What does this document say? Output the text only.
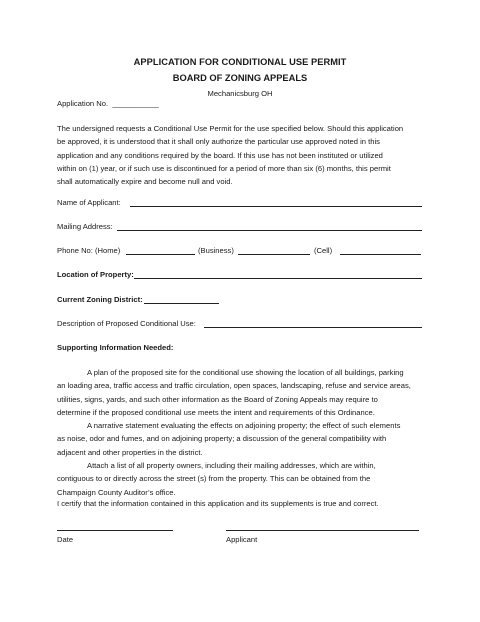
APPLICATION FOR CONDITIONAL USE PERMIT
BOARD OF ZONING APPEALS
Mechanicsburg OH
Application No. ___________
The undersigned requests a Conditional Use Permit for the use specified below. Should this application
be approved, it is understood that it shall only authorize the particular use approved noted in this
application and any conditions required by the board. If this use has not been instituted or utilized
within on (1) year, or if such use is discontinued for a period of more than six (6) months, this permit
shall automatically expire and become null and void.
Name of Applicant:
Mailing Address:
Phone No: (Home)	(Business)	(Cell)
Location of Property:
Current Zoning District:
Description of Proposed Conditional Use:
Supporting Information Needed:
A plan of the proposed site for the conditional use showing the location of all buildings, parking
an loading area, traffic access and traffic circulation, open spaces, landscaping, refuse and service areas,
utilities, signs, yards, and such other information as the Board of Zoning Appeals may require to
determine if the proposed conditional use meets the intent and requirements of this Ordinance.
A narrative statement evaluating the effects on adjoining property; the effect of such elements
as noise, odor and fumes, and on adjoining property; a discussion of the general compatibility with
adjacent and other properties in the district.
Attach a list of all property owners, including their mailing addresses, which are within,
contiguous to or directly across the street (s) from the property. This can be obtained from the
Champaign County Auditor’s office.
I certify that the information contained in this application and its supplements is true and correct.
Date	Applicant
